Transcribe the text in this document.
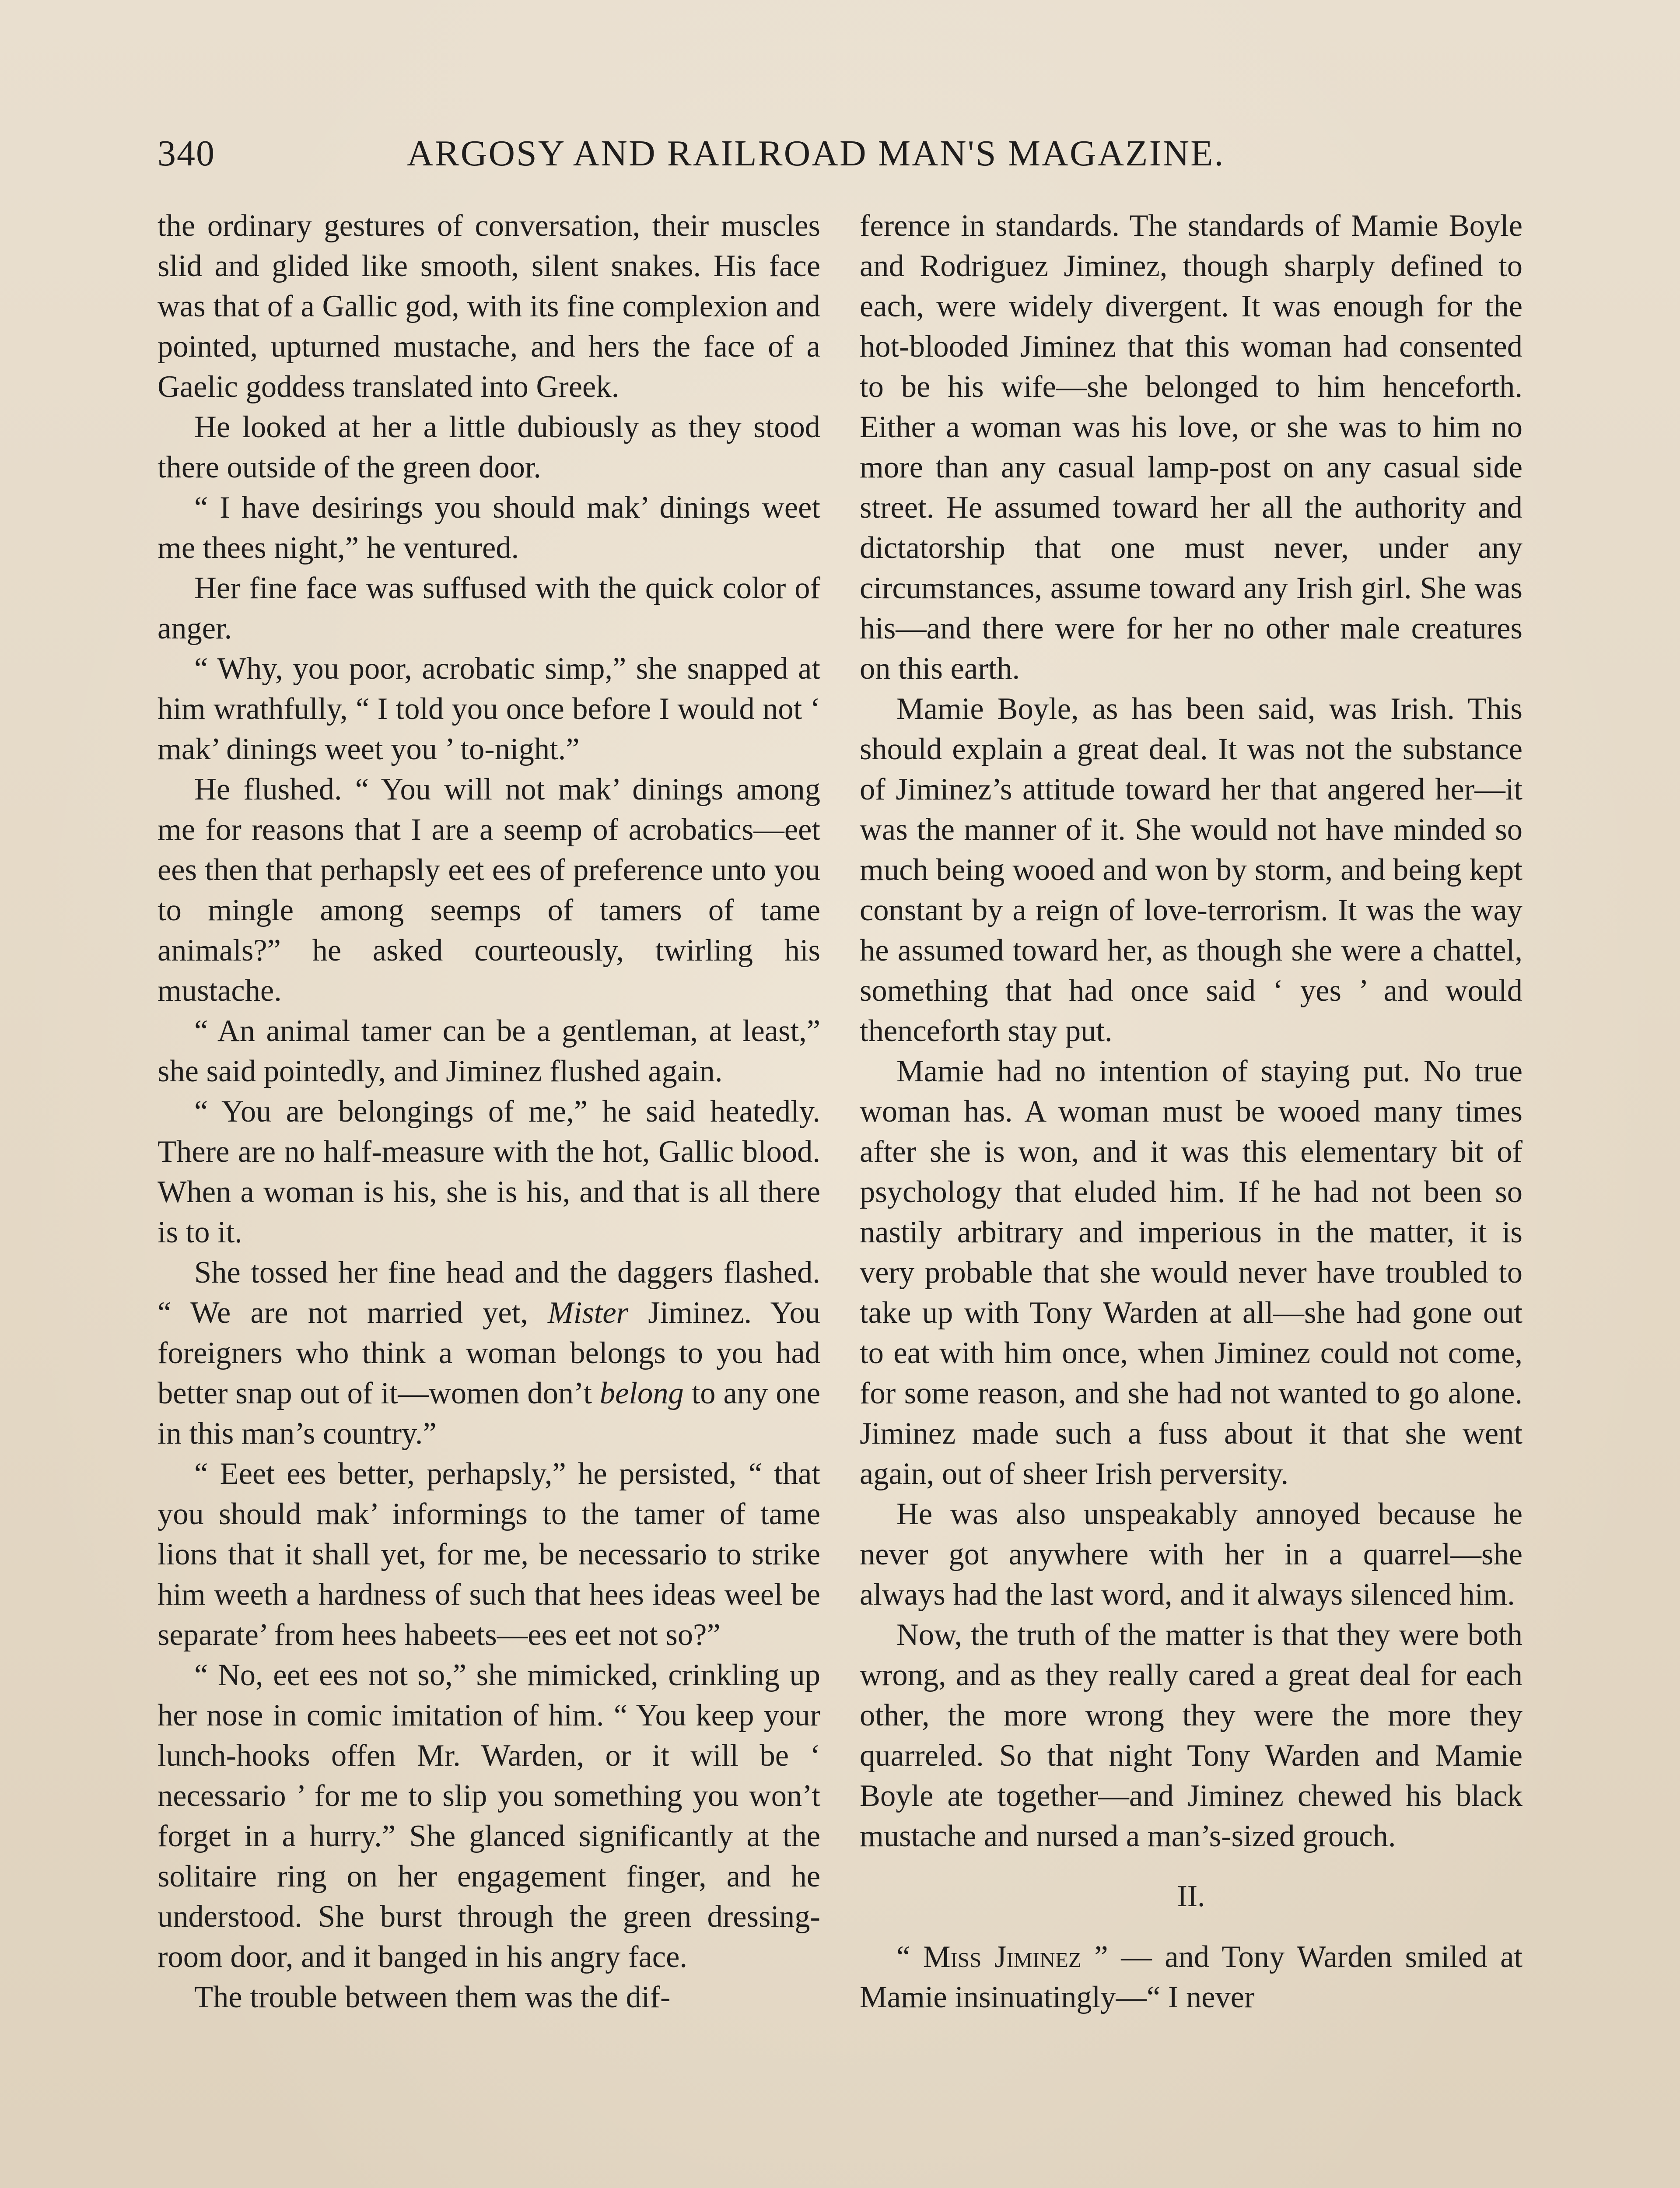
340	ARGOSY AND RAILROAD MAN'S MAGAZINE.

the ordinary gestures of conversation, their muscles slid and glided like smooth, silent snakes. His face was that of a Gallic god, with its fine complexion and pointed, upturned mustache, and hers the face of a Gaelic goddess translated into Greek.

He looked at her a little dubiously as they stood there outside of the green door.

“ I have desirings you should mak’ dinings weet me thees night,” he ventured.

Her fine face was suffused with the quick color of anger.

“ Why, you poor, acrobatic simp,” she snapped at him wrathfully, “ I told you once before I would not ‘ mak’ dinings weet you ’ to-night.”

He flushed. “ You will not mak’ dinings among me for reasons that I are a seemp of acrobatics—eet ees then that perhapsly eet ees of preference unto you to mingle among seemps of tamers of tame animals?” he asked courteously, twirling his mustache.

“ An animal tamer can be a gentleman, at least,” she said pointedly, and Jiminez flushed again.

“ You are belongings of me,” he said heatedly. There are no half-measure with the hot, Gallic blood. When a woman is his, she is his, and that is all there is to it.

She tossed her fine head and the daggers flashed. “ We are not married yet, Mister Jiminez. You foreigners who think a woman belongs to you had better snap out of it—women don’t belong to any one in this man’s country.”

“ Eeet ees better, perhapsly,” he persisted, “ that you should mak’ informings to the tamer of tame lions that it shall yet, for me, be necessario to strike him weeth a hardness of such that hees ideas weel be separate’ from hees habeets—ees eet not so?”

“ No, eet ees not so,” she mimicked, crinkling up her nose in comic imitation of him. “ You keep your lunch-hooks offen Mr. Warden, or it will be ‘ necessario ’ for me to slip you something you won’t forget in a hurry.” She glanced significantly at the solitaire ring on her engagement finger, and he understood. She burst through the green dressing-room door, and it banged in his angry face.

The trouble between them was the dif-

ference in standards. The standards of Mamie Boyle and Rodriguez Jiminez, though sharply defined to each, were widely divergent. It was enough for the hot-blooded Jiminez that this woman had consented to be his wife—she belonged to him henceforth. Either a woman was his love, or she was to him no more than any casual lamp-post on any casual side street. He assumed toward her all the authority and dictatorship that one must never, under any circumstances, assume toward any Irish girl. She was his—and there were for her no other male creatures on this earth.

Mamie Boyle, as has been said, was Irish. This should explain a great deal. It was not the substance of Jiminez’s attitude toward her that angered her—it was the manner of it. She would not have minded so much being wooed and won by storm, and being kept constant by a reign of love-terrorism. It was the way he assumed toward her, as though she were a chattel, something that had once said ‘ yes ’ and would thenceforth stay put.

Mamie had no intention of staying put. No true woman has. A woman must be wooed many times after she is won, and it was this elementary bit of psychology that eluded him. If he had not been so nastily arbitrary and imperious in the matter, it is very probable that she would never have troubled to take up with Tony Warden at all—she had gone out to eat with him once, when Jiminez could not come, for some reason, and she had not wanted to go alone. Jiminez made such a fuss about it that she went again, out of sheer Irish perversity.

He was also unspeakably annoyed because he never got anywhere with her in a quarrel—she always had the last word, and it always silenced him.

Now, the truth of the matter is that they were both wrong, and as they really cared a great deal for each other, the more wrong they were the more they quarreled. So that night Tony Warden and Mamie Boyle ate together—and Jiminez chewed his black mustache and nursed a man’s-sized grouch.

II.

“ Miss Jiminez ” — and Tony Warden smiled at Mamie insinuatingly—“ I never
